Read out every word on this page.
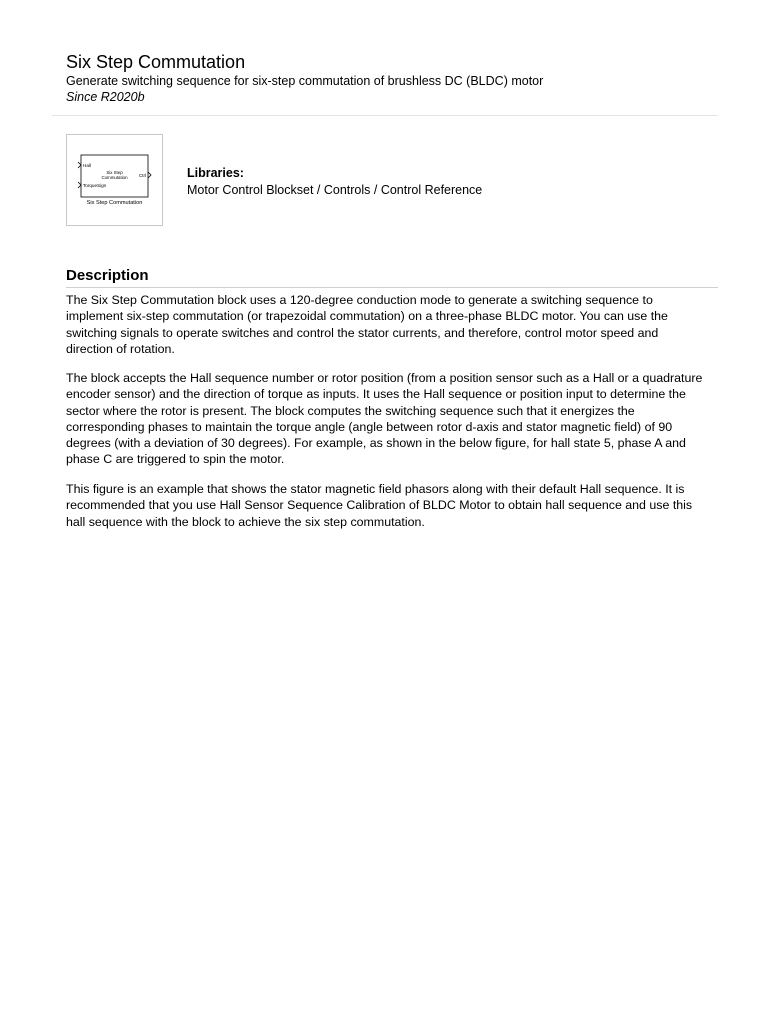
Six Step Commutation
Generate switching sequence for six-step commutation of brushless DC (BLDC) motor
Since R2020b
Hall
TorqueSign
Six Step
Commutation Ctrl
Six Step Commutation
Libraries:
Motor Control Blockset / Controls / Control Reference
Description
The Six Step Commutation block uses a 120-degree conduction mode to generate a switching sequence to
implement six-step commutation (or trapezoidal commutation) on a three-phase BLDC motor. You can use the
switching signals to operate switches and control the stator currents, and therefore, control motor speed and
direction of rotation.
The block accepts the Hall sequence number or rotor position (from a position sensor such as a Hall or a quadrature
encoder sensor) and the direction of torque as inputs. It uses the Hall sequence or position input to determine the
sector where the rotor is present. The block computes the switching sequence such that it energizes the
corresponding phases to maintain the torque angle (angle between rotor d-axis and stator magnetic field) of 90
degrees (with a deviation of 30 degrees). For example, as shown in the below figure, for hall state 5, phase A and
phase C are triggered to spin the motor.
This figure is an example that shows the stator magnetic field phasors along with their default Hall sequence. It is
recommended that you use Hall Sensor Sequence Calibration of BLDC Motor to obtain hall sequence and use this
hall sequence with the block to achieve the six step commutation.
